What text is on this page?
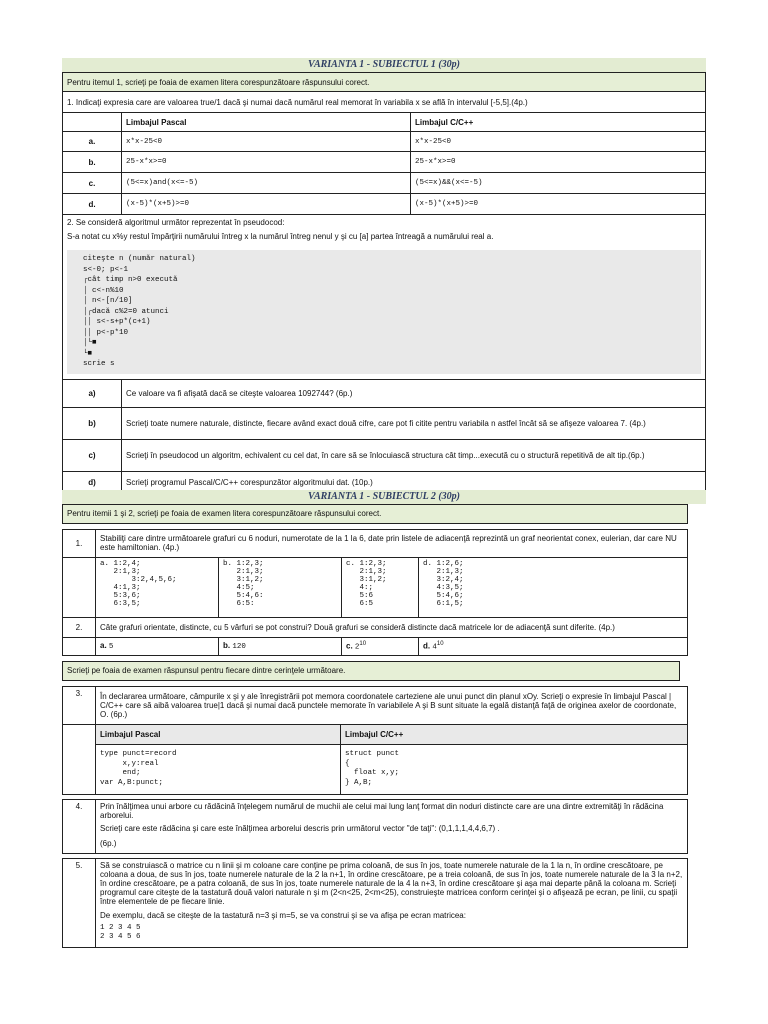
VARIANTA 1 - SUBIECTUL 1 (30p)
Pentru itemul 1, scrieţi pe foaia de examen litera corespunzătoare răspunsului corect.
1. Indicaţi expresia care are valoarea true/1 dacă şi numai dacă numărul real memorat în variabila x se află în intervalul [-5,5].(4p.)
	Limbajul Pascal	Limbajul C/C++
a.	x*x-25<0	x*x-25<0
b.	25-x*x>=0	25-x*x>=0
c.	(5<=x)and(x<=-5)	(5<=x)&&(x<=-5)
d.	(x-5)*(x+5)>=0	(x-5)*(x+5)>=0
2. Se consideră algoritmul următor reprezentat în pseudocod:
S-a notat cu x%y restul împărţirii numărului întreg x la numărul întreg nenul y şi cu [a] partea întreagă a numărului real a.
citeşte n (număr natural)
s<-0; p<-1
┌cât timp n>0 execută
│ c<-n%10
│ n<-[n/10]
│┌dacă c%2=0 atunci
││ s<-s+p*(c+1)
││ p<-p*10
│└■
└■
scrie s
a)	Ce valoare va fi afişată dacă se citeşte valoarea 1092744? (6p.)
b)	Scrieţi toate numere naturale, distincte, fiecare având exact două cifre, care pot fi citite pentru variabila n astfel încât să se afişeze valoarea 7. (4p.)
c)	Scrieţi în pseudocod un algoritm, echivalent cu cel dat, în care să se înlocuiască structura cât timp...execută cu o structură repetitivă de alt tip.(6p.)
d)	Scrieţi programul Pascal/C/C++ corespunzător algoritmului dat. (10p.)
VARIANTA 1 - SUBIECTUL 2 (30p)
Pentru itemii 1 şi 2, scrieţi pe foaia de examen litera corespunzătoare răspunsului corect.
1.	Stabiliţi care dintre următoarele grafuri cu 6 noduri, numerotate de la 1 la 6, date prin listele de adiacenţă reprezintă un graf neorientat conex, eulerian, dar care NU este hamiltonian. (4p.)
	a. 1:2,4;
2:1,3;
3:2,4,5,6;
4:1,3;
5:3,6;
6:3,5;	b. 1:2,3;
2:1,3;
3:1,2;
4:5;
5:4,6:
6:5:	c. 1:2,3;
2:1,3;
3:1,2;
4:;
5:6
6:5	d. 1:2,6;
2:1,3;
3:2,4;
4:3,5;
5:4,6;
6:1,5;
2.	Câte grafuri orientate, distincte, cu 5 vârfuri se pot construi? Două grafuri se consideră distincte dacă matricele lor de adiacenţă sunt diferite. (4p.)
	a. 5	b. 120	c. $2^{10}$	d. $4^{10}$
Scrieţi pe foaia de examen răspunsul pentru fiecare dintre cerinţele următoare.
3.	În declararea următoare, câmpurile x şi y ale înregistrării pot memora coordonatele carteziene ale unui punct din planul xOy. Scrieţi o expresie în limbajul Pascal | C/C++ care să aibă valoarea true|1 dacă şi numai dacă punctele memorate în variabilele A şi B sunt situate la egală distanţă faţă de originea axelor de coordonate, O. (6p.)
	Limbajul Pascal	Limbajul C/C++
	type punct=record
x,y:real
end;
var A,B:punct;	struct punct
{
float x,y;
} A,B;
4.	Prin înălţimea unui arbore cu rădăcină înţelegem numărul de muchii ale celui mai lung lanţ format din noduri distincte care are una dintre extremităţi în rădăcina arborelui.
Scrieţi care este rădăcina şi care este înălţimea arborelui descris prin următorul vector "de taţi": (0,1,1,1,4,4,6,7) .
(6p.)
5.	Să se construiască o matrice cu n linii şi m coloane care conţine pe prima coloană, de sus în jos, toate numerele naturale de la 1 la n, în ordine crescătoare, pe coloana a doua, de sus în jos, toate numerele naturale de la 2 la n+1, în ordine crescătoare, pe a treia coloană, de sus în jos, toate numerele naturale de la 3 la n+2, în ordine crescătoare, pe a patra coloană, de sus în jos, toate numerele naturale de la 4 la n+3, în ordine crescătoare şi aşa mai departe până la coloana m. Scrieţi programul care citeşte de la tastatură două valori naturale n şi m (2<n<25, 2<m<25), construieşte matricea conform cerinţei şi o afişează pe ecran, pe linii, cu spaţii între elementele de pe fiecare linie.
De exemplu, dacă se citeşte de la tastatură n=3 şi m=5, se va construi şi se va afişa pe ecran matricea:
1 2 3 4 5
2 3 4 5 6
